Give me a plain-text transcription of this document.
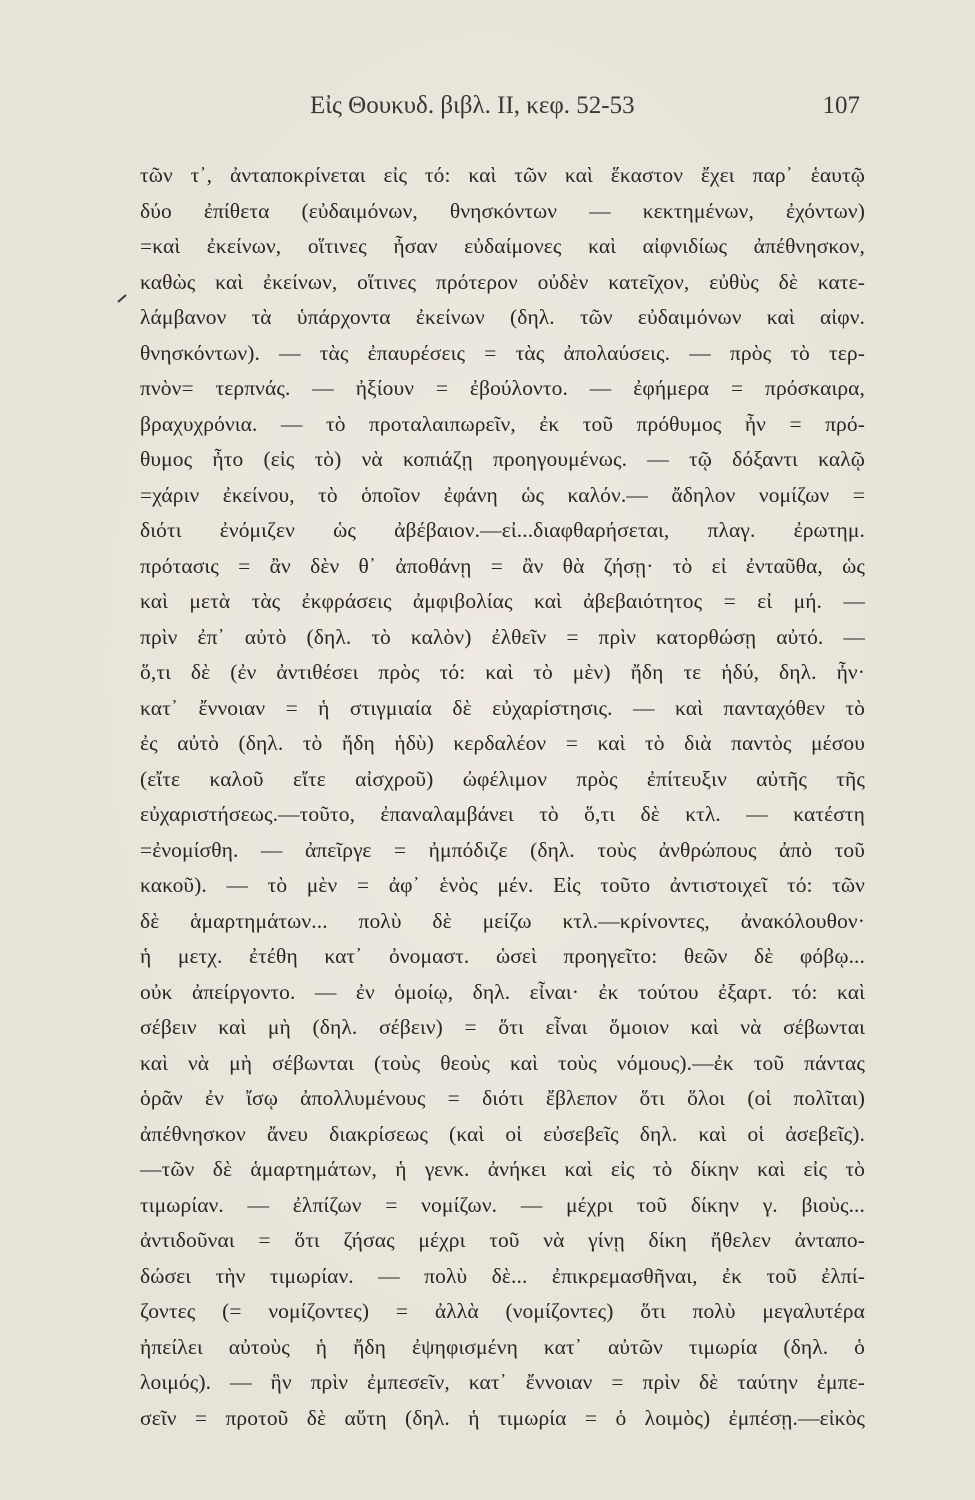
Εἰς Θουκυδ. βιβλ. II, κεφ. 52-53	107
τῶν τ᾿, ἀνταποκρίνεται εἰς τό: καὶ τῶν καὶ ἕκαστον ἔχει παρ᾿ ἑαυτῷ
δύο ἐπίθετα (εὐδαιμόνων, θνησκόντων — κεκτημένων, ἐχόντων)
=καὶ ἐκείνων, οἵτινες ἦσαν εὐδαίμονες καὶ αἰφνιδίως ἀπέθνησκον,
καθὼς καὶ ἐκείνων, οἵτινες πρότερον οὐδὲν κατεῖχον, εὐθὺς δὲ κατε-
λάμβανον τὰ ὑπάρχοντα ἐκείνων (δηλ. τῶν εὐδαιμόνων καὶ αἰφν.
θνησκόντων). — τὰς ἐπαυρέσεις = τὰς ἀπολαύσεις. — πρὸς τὸ τερ-
πνὸν= τερπνάς. — ἠξίουν = ἐβούλοντο. — ἐφήμερα = πρόσκαιρα,
βραχυχρόνια. — τὸ προταλαιπωρεῖν, ἐκ τοῦ πρόθυμος ἦν = πρό-
θυμος ἦτο (εἰς τὸ) νὰ κοπιάζῃ προηγουμένως. — τῷ δόξαντι καλῷ
=χάριν ἐκείνου, τὸ ὁποῖον ἐφάνη ὡς καλόν.— ἄδηλον νομίζων =
διότι ἐνόμιζεν ὡς ἀβέβαιον.—εἰ...διαφθαρήσεται, πλαγ. ἐρωτημ.
πρότασις = ἂν δὲν θ᾿ ἀποθάνῃ = ἂν θὰ ζήσῃ· τὸ εἰ ἐνταῦθα, ὡς
καὶ μετὰ τὰς ἐκφράσεις ἀμφιβολίας καὶ ἀβεβαιότητος = εἰ μή. —
πρὶν ἐπ᾿ αὐτὸ (δηλ. τὸ καλὸν) ἐλθεῖν = πρὶν κατορθώσῃ αὐτό. —
ὅ,τι δὲ (ἐν ἀντιθέσει πρὸς τό: καὶ τὸ μὲν) ἤδη τε ἡδύ, δηλ. ἦν·
κατ᾿ ἔννοιαν = ἡ στιγμιαία δὲ εὐχαρίστησις. — καὶ πανταχόθεν τὸ
ἐς αὐτὸ (δηλ. τὸ ἤδη ἡδὺ) κερδαλέον = καὶ τὸ διὰ παντὸς μέσου
(εἴτε καλοῦ εἴτε αἰσχροῦ) ὠφέλιμον πρὸς ἐπίτευξιν αὐτῆς τῆς
εὐχαριστήσεως.—τοῦτο, ἐπαναλαμβάνει τὸ ὅ,τι δὲ κτλ. — κατέστη
=ἐνομίσθη. — ἀπεῖργε = ἠμπόδιζε (δηλ. τοὺς ἀνθρώπους ἀπὸ τοῦ
κακοῦ). — τὸ μὲν = ἀφ᾿ ἑνὸς μέν. Εἰς τοῦτο ἀντιστοιχεῖ τό: τῶν
δὲ ἁμαρτημάτων... πολὺ δὲ μείζω κτλ.—κρίνοντες, ἀνακόλουθον·
ἡ μετχ. ἐτέθη κατ᾿ ὀνομαστ. ὡσεὶ προηγεῖτο: θεῶν δὲ φόβῳ...
οὐκ ἀπείργοντο. — ἐν ὁμοίῳ, δηλ. εἶναι· ἐκ τούτου ἐξαρτ. τό: καὶ
σέβειν καὶ μὴ (δηλ. σέβειν) = ὅτι εἶναι ὅμοιον καὶ νὰ σέβωνται
καὶ νὰ μὴ σέβωνται (τοὺς θεοὺς καὶ τοὺς νόμους).—ἐκ τοῦ πάντας
ὁρᾶν ἐν ἴσῳ ἀπολλυμένους = διότι ἔβλεπον ὅτι ὅλοι (οἱ πολῖται)
ἀπέθνησκον ἄνευ διακρίσεως (καὶ οἱ εὐσεβεῖς δηλ. καὶ οἱ ἀσεβεῖς).
—τῶν δὲ ἁμαρτημάτων, ἡ γενκ. ἀνήκει καὶ εἰς τὸ δίκην καὶ εἰς τὸ
τιμωρίαν. — ἐλπίζων = νομίζων. — μέχρι τοῦ δίκην γ. βιοὺς...
ἀντιδοῦναι = ὅτι ζήσας μέχρι τοῦ νὰ γίνῃ δίκη ἤθελεν ἀνταπο-
δώσει τὴν τιμωρίαν. — πολὺ δὲ... ἐπικρεμασθῆναι, ἐκ τοῦ ἐλπί-
ζοντες (= νομίζοντες) = ἀλλὰ (νομίζοντες) ὅτι πολὺ μεγαλυτέρα
ἠπείλει αὐτοὺς ἡ ἤδη ἐψηφισμένη κατ᾿ αὐτῶν τιμωρία (δηλ. ὁ
λοιμός). — ἣν πρὶν ἐμπεσεῖν, κατ᾿ ἔννοιαν = πρὶν δὲ ταύτην ἐμπε-
σεῖν = προτοῦ δὲ αὕτη (δηλ. ἡ τιμωρία = ὁ λοιμὸς) ἐμπέσῃ.—εἰκὸς
